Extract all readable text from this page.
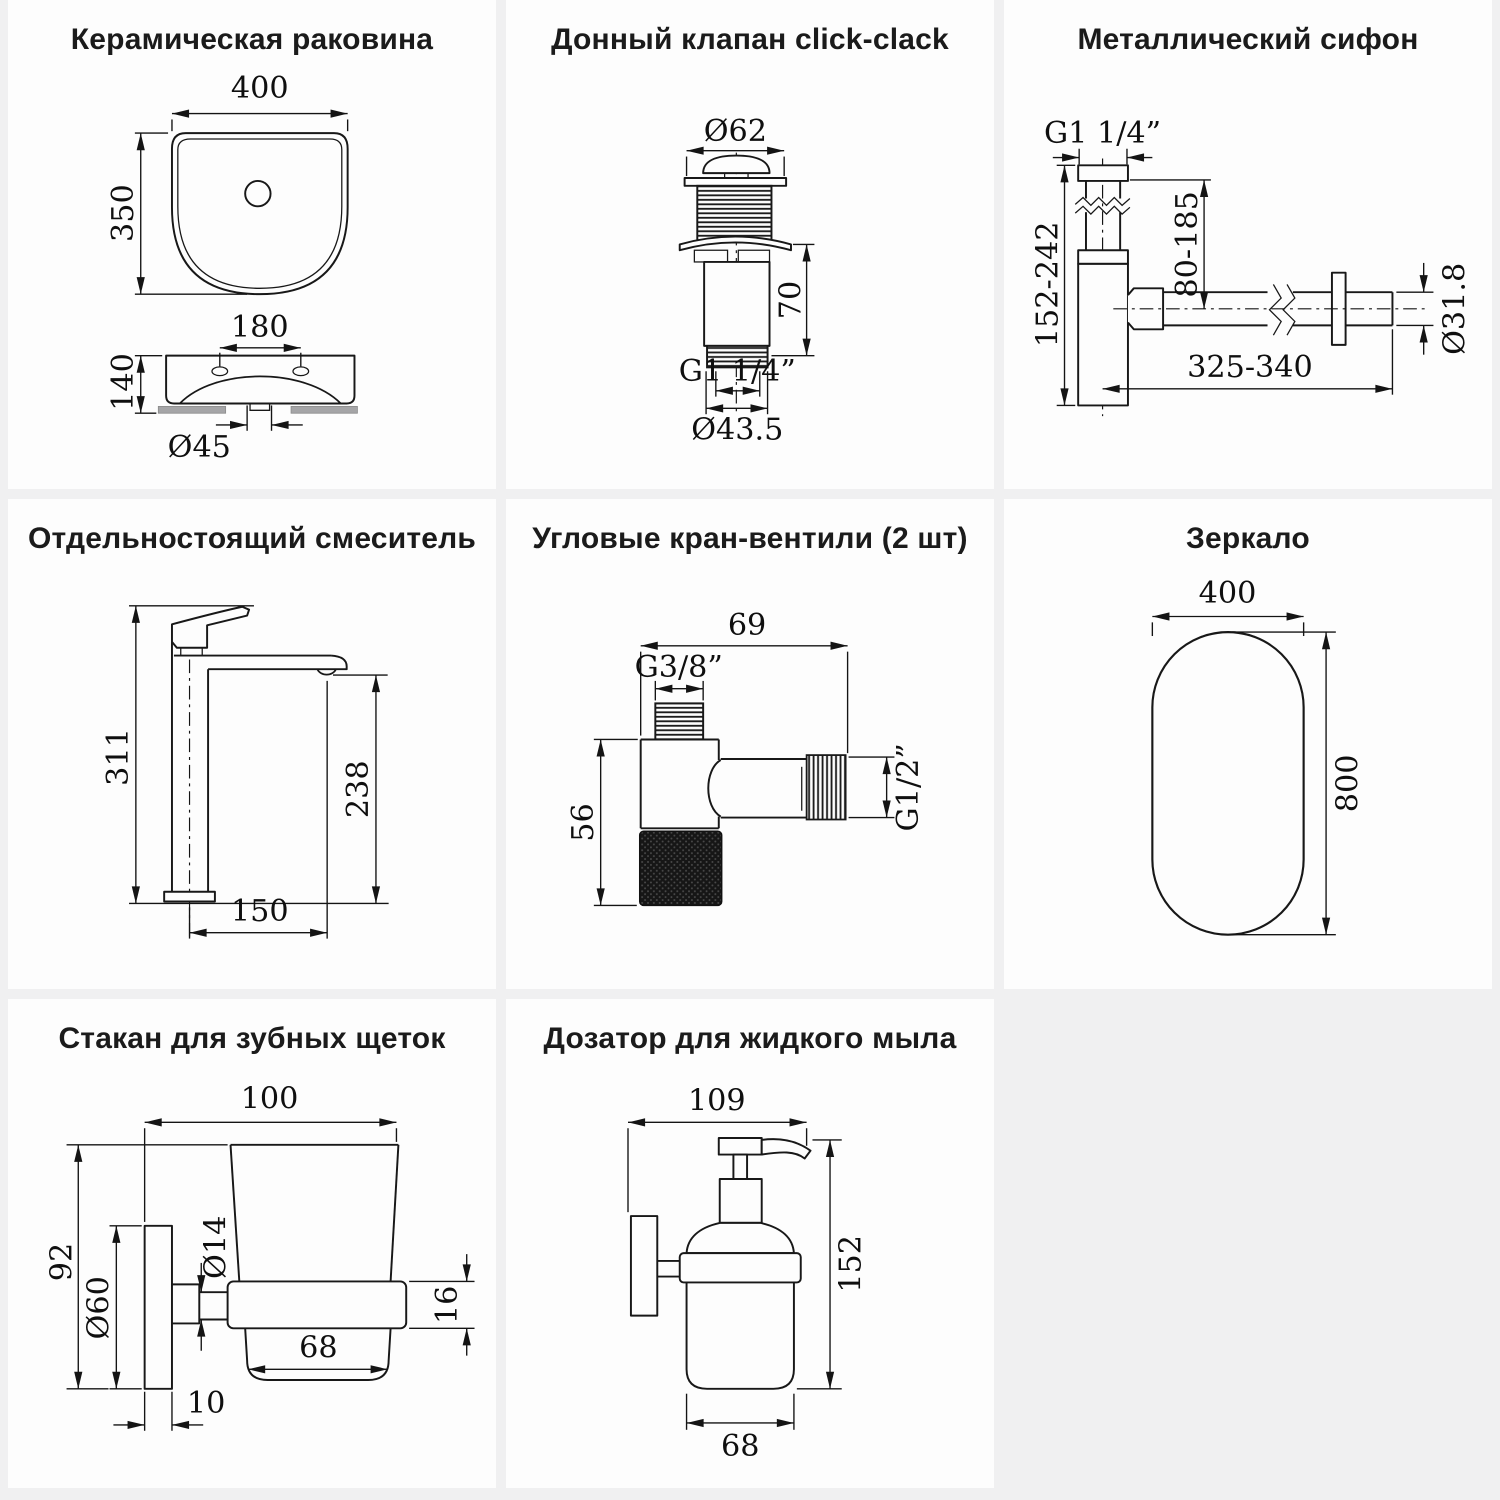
Керамическая раковина
400
350
180
140
Ø45
Донный клапан click-clack
Ø62
70
G1 1/4”
Ø43.5
Металлический сифон
G1 1/4”
152-242	80-185
Ø31.8
325-340
Отдельностоящий смеситель
311
238
150
Угловые кран-вентили (2 шт)
69
G3/8”
56	G1/2”
Зеркало
400
800
Стакан для зубных щеток
100
92
Ø60
Ø14
16
68
10
Дозатор для жидкого мыла
109
152
68
